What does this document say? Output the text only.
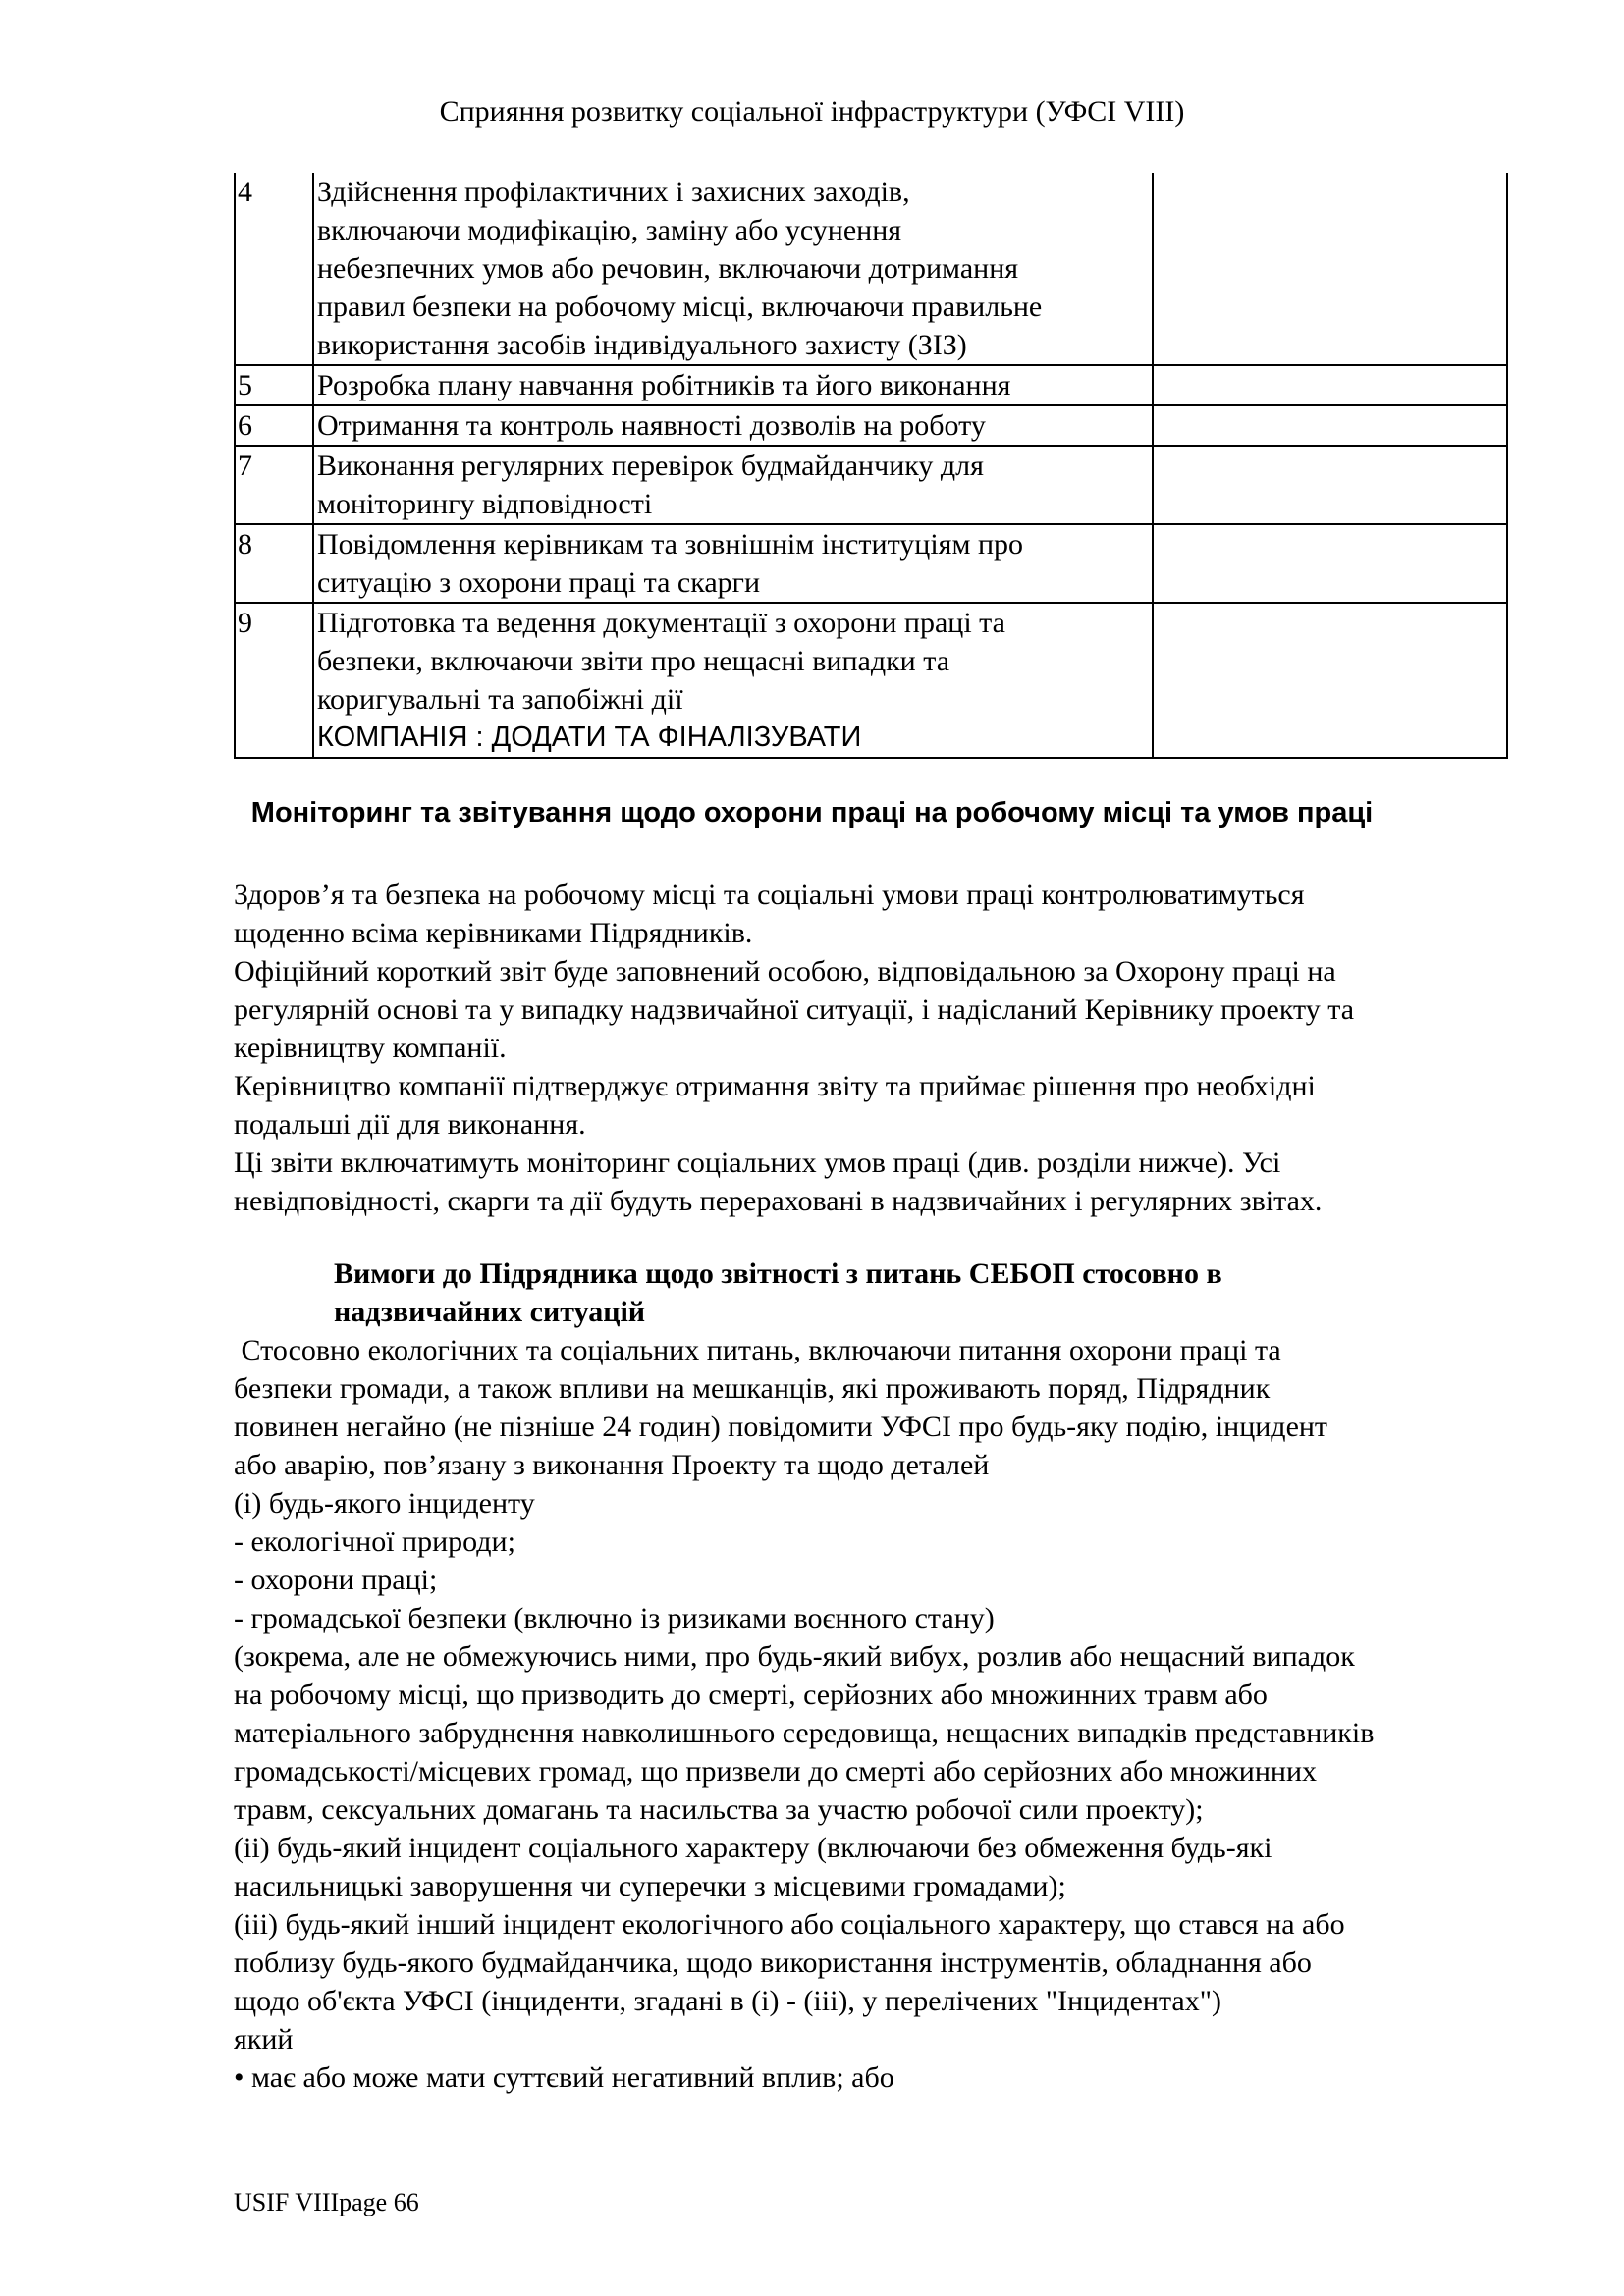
Сприяння розвитку соціальної інфраструктури (УФСІ VIII)
4	Здійснення профілактичних і захисних заходів,
включаючи модифікацію, заміну або усунення
небезпечних умов або речовин, включаючи дотримання
правил безпеки на робочому місці, включаючи правильне
використання засобів індивідуального захисту (ЗІЗ)	

5	Розробка плану навчання робітників та його виконання	

6	Отримання та контроль наявності дозволів на роботу	

7	Виконання регулярних перевірок будмайданчику для
моніторингу відповідності	

8	Повідомлення керівникам та зовнішнім інституціям про
ситуацію з охорони праці та скарги	

9	Підготовка та ведення документації з охорони праці та
безпеки, включаючи звіти про нещасні випадки та
коригувальні та запобіжні дії
КОМПАНІЯ : ДОДАТИ ТА ФІНАЛІЗУВАТИ	

Моніторинг та звітування щодо охорони праці на робочому місці та умов праці

Здоров’я та безпека на робочому місці та соціальні умови праці контролюватимуться

щоденно всіма керівниками Підрядників.

Офіційний короткий звіт буде заповнений особою, відповідальною за Охорону праці на

регулярній основі та у випадку надзвичайної ситуації, і надісланий Керівнику проекту та

керівництву компанії.

Керівництво компанії підтверджує отримання звіту та приймає рішення про необхідні

подальші дії для виконання.

Ці звіти включатимуть моніторинг соціальних умов праці (див. розділи нижче). Усі

невідповідності, скарги та дії будуть перераховані в надзвичайних і регулярних звітах.

Вимоги до Підрядника щодо звітності з питань СЕБОП стосовно в
надзвичайних ситуацій

Стосовно екологічних та соціальних питань, включаючи питання охорони праці та

безпеки громади, а також впливи на мешканців, які проживають поряд, Підрядник

повинен негайно (не пізніше 24 годин) повідомити УФСІ про будь-яку подію, інцидент

або аварію, пов’язану з виконання Проекту та щодо деталей

(і) будь-якого інциденту

- екологічної природи;

- охорони праці;

- громадської безпеки (включно із ризиками воєнного стану)

(зокрема, але не обмежуючись ними, про будь-який вибух, розлив або нещасний випадок

на робочому місці, що призводить до смерті, серйозних або множинних травм або

матеріального забруднення навколишнього середовища, нещасних випадків представників

громадськості/місцевих громад, що призвели до смерті або серйозних або множинних

травм, сексуальних домагань та насильства за участю робочої сили проекту);

(іі) будь-який інцидент соціального характеру (включаючи без обмеження будь-які

насильницькі заворушення чи суперечки з місцевими громадами);

(ііі) будь-який інший інцидент екологічного або соціального характеру, що стався на або

поблизу будь-якого будмайданчика, щодо використання інструментів, обладнання або

щодо об'єкта УФСІ (інциденти, згадані в (і) - (ііі), у перелічених "Інцидентах")

який

• має або може мати суттєвий негативний вплив; або

USIF VIIIpage 66
